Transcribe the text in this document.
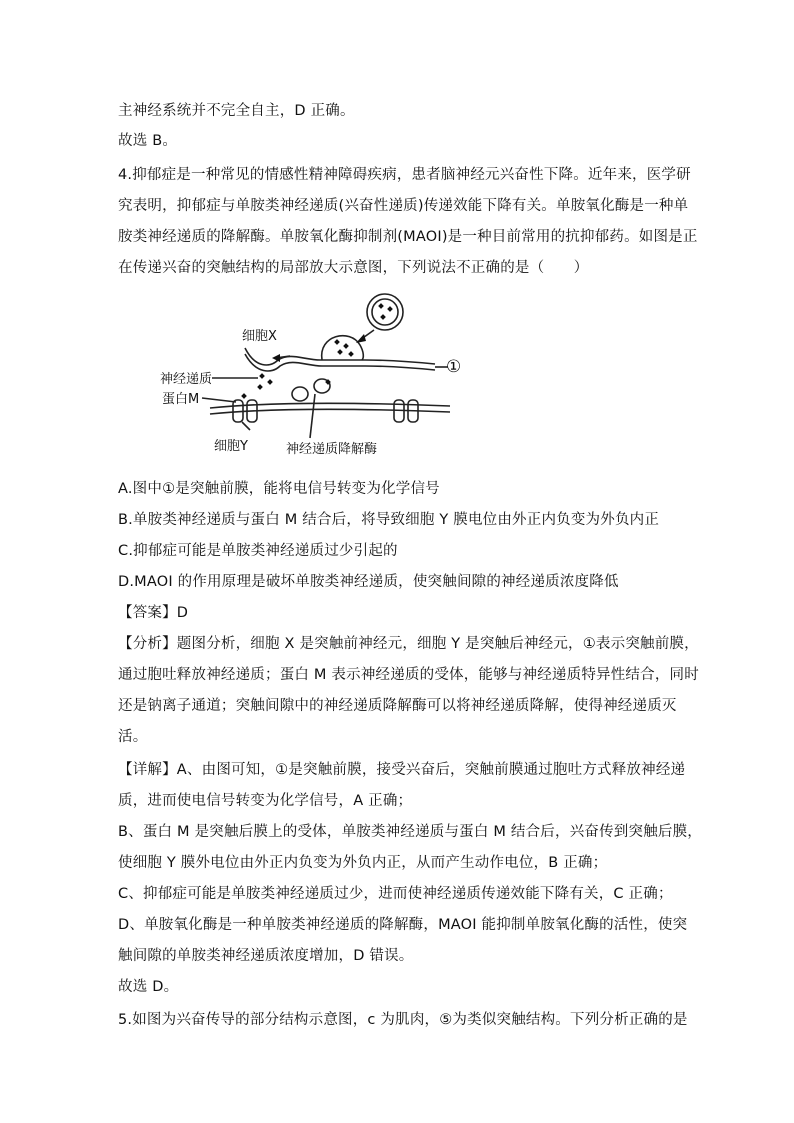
主神经系统并不完全自主，D 正确。
故选 B。
4.抑郁症是一种常见的情感性精神障碍疾病，患者脑神经元兴奋性下降。近年来，医学研
究表明，抑郁症与单胺类神经递质(兴奋性递质)传递效能下降有关。单胺氧化酶是一种单
胺类神经递质的降解酶。单胺氧化酶抑制剂(MAOI)是一种目前常用的抗抑郁药。如图是正
在传递兴奋的突触结构的局部放大示意图，下列说法不正确的是（　　）
细胞X
①
神经递质
蛋白M
细胞Y	神经递质降解酶
A.图中①是突触前膜，能将电信号转变为化学信号
B.单胺类神经递质与蛋白 M 结合后，将导致细胞 Y 膜电位由外正内负变为外负内正
C.抑郁症可能是单胺类神经递质过少引起的
D.MAOI 的作用原理是破坏单胺类神经递质，使突触间隙的神经递质浓度降低
【答案】D
【分析】题图分析，细胞 X 是突触前神经元，细胞 Y 是突触后神经元，①表示突触前膜，
通过胞吐释放神经递质；蛋白 M 表示神经递质的受体，能够与神经递质特异性结合，同时
还是钠离子通道；突触间隙中的神经递质降解酶可以将神经递质降解，使得神经递质灭
活。
【详解】A、由图可知，①是突触前膜，接受兴奋后，突触前膜通过胞吐方式释放神经递
质，进而使电信号转变为化学信号，A 正确；
B、蛋白 M 是突触后膜上的受体，单胺类神经递质与蛋白 M 结合后，兴奋传到突触后膜，
使细胞 Y 膜外电位由外正内负变为外负内正，从而产生动作电位，B 正确；
C、抑郁症可能是单胺类神经递质过少，进而使神经递质传递效能下降有关，C 正确；
D、单胺氧化酶是一种单胺类神经递质的降解酶，MAOI 能抑制单胺氧化酶的活性，使突
触间隙的单胺类神经递质浓度增加，D 错误。
故选 D。
5.如图为兴奋传导的部分结构示意图，c 为肌肉，⑤为类似突触结构。下列分析正确的是
